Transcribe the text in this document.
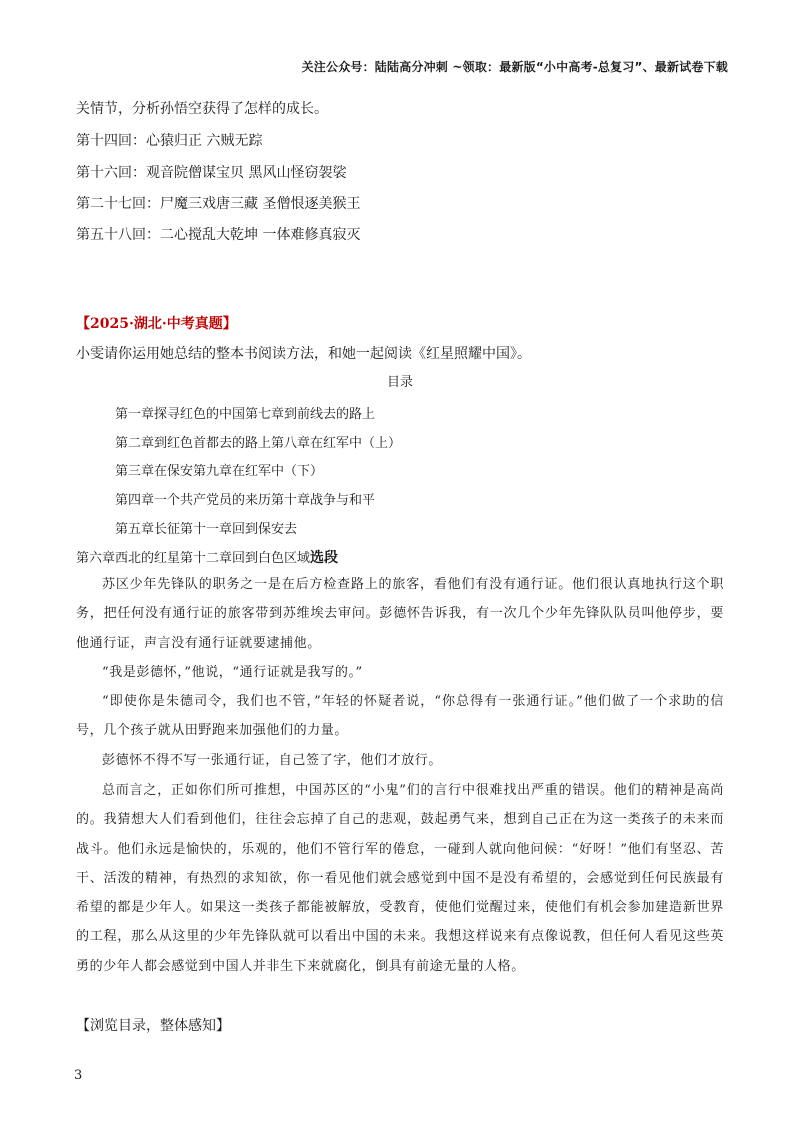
关注公众号：陆陆高分冲刺 ~领取：最新版“小中高考-总复习”、最新试卷下载
关情节，分析孙悟空获得了怎样的成长。
第十四回：心猿归正 六贼无踪
第十六回：观音院僧谋宝贝 黑风山怪窃袈裟
第二十七回：尸魔三戏唐三藏 圣僧恨逐美猴王
第五十八回：二心搅乱大乾坤 一体难修真寂灭
【2025·湖北·中考真题】
小雯请你运用她总结的整本书阅读方法，和她一起阅读《红星照耀中国》。
目录
第一章探寻红色的中国第七章到前线去的路上
第二章到红色首都去的路上第八章在红军中（上）
第三章在保安第九章在红军中（下）
第四章一个共产党员的来历第十章战争与和平
第五章长征第十一章回到保安去
第六章西北的红星第十二章回到白色区域选段
苏区少年先锋队的职务之一是在后方检查路上的旅客，看他们有没有通行证。他们很认真地执行这个职务，把任何没有通行证的旅客带到苏维埃去审问。彭德怀告诉我，有一次几个少年先锋队队员叫他停步，要他通行证，声言没有通行证就要逮捕他。
“我是彭德怀，”他说，“通行证就是我写的。”
“即使你是朱德司令，我们也不管，”年轻的怀疑者说，“你总得有一张通行证。”他们做了一个求助的信号，几个孩子就从田野跑来加强他们的力量。
彭德怀不得不写一张通行证，自己签了字，他们才放行。
总而言之，正如你们所可推想，中国苏区的“小鬼”们的言行中很难找出严重的错误。他们的精神是高尚的。我猜想大人们看到他们，往往会忘掉了自己的悲观，鼓起勇气来，想到自己正在为这一类孩子的未来而战斗。他们永远是愉快的，乐观的，他们不管行军的倦怠，一碰到人就向他问候：“好呀！”他们有坚忍、苦干、活泼的精神，有热烈的求知欲，你一看见他们就会感觉到中国不是没有希望的，会感觉到任何民族最有希望的都是少年人。如果这一类孩子都能被解放，受教育，使他们觉醒过来，使他们有机会参加建造新世界的工程，那么从这里的少年先锋队就可以看出中国的未来。我想这样说来有点像说教，但任何人看见这些英勇的少年人都会感觉到中国人并非生下来就腐化，倒具有前途无量的人格。
【浏览目录，整体感知】
3
